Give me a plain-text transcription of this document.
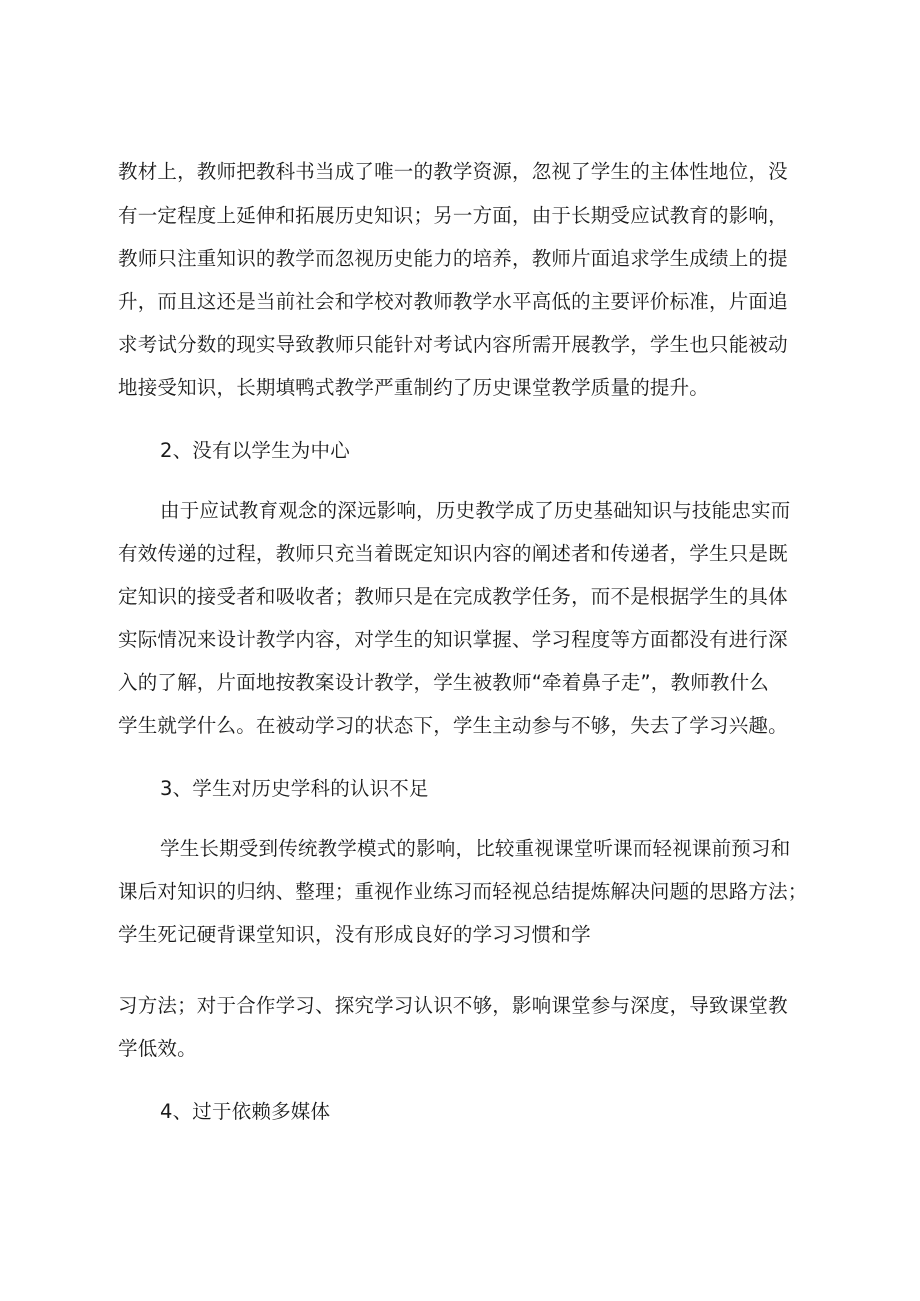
教材上，教师把教科书当成了唯一的教学资源，忽视了学生的主体性地位，没
有一定程度上延伸和拓展历史知识；另一方面，由于长期受应试教育的影响，
教师只注重知识的教学而忽视历史能力的培养，教师片面追求学生成绩上的提
升，而且这还是当前社会和学校对教师教学水平高低的主要评价标准，片面追
求考试分数的现实导致教师只能针对考试内容所需开展教学，学生也只能被动
地接受知识，长期填鸭式教学严重制约了历史课堂教学质量的提升。
2、没有以学生为中心
由于应试教育观念的深远影响，历史教学成了历史基础知识与技能忠实而
有效传递的过程，教师只充当着既定知识内容的阐述者和传递者，学生只是既
定知识的接受者和吸收者；教师只是在完成教学任务，而不是根据学生的具体
实际情况来设计教学内容，对学生的知识掌握、学习程度等方面都没有进行深
入的了解，片面地按教案设计教学，学生被教师“牵着鼻子走”，教师教什么
学生就学什么。在被动学习的状态下，学生主动参与不够，失去了学习兴趣。
3、学生对历史学科的认识不足
学生长期受到传统教学模式的影响，比较重视课堂听课而轻视课前预习和
课后对知识的归纳、整理；重视作业练习而轻视总结提炼解决问题的思路方法；
学生死记硬背课堂知识，没有形成良好的学习习惯和学
习方法；对于合作学习、探究学习认识不够，影响课堂参与深度，导致课堂教
学低效。
4、过于依赖多媒体
